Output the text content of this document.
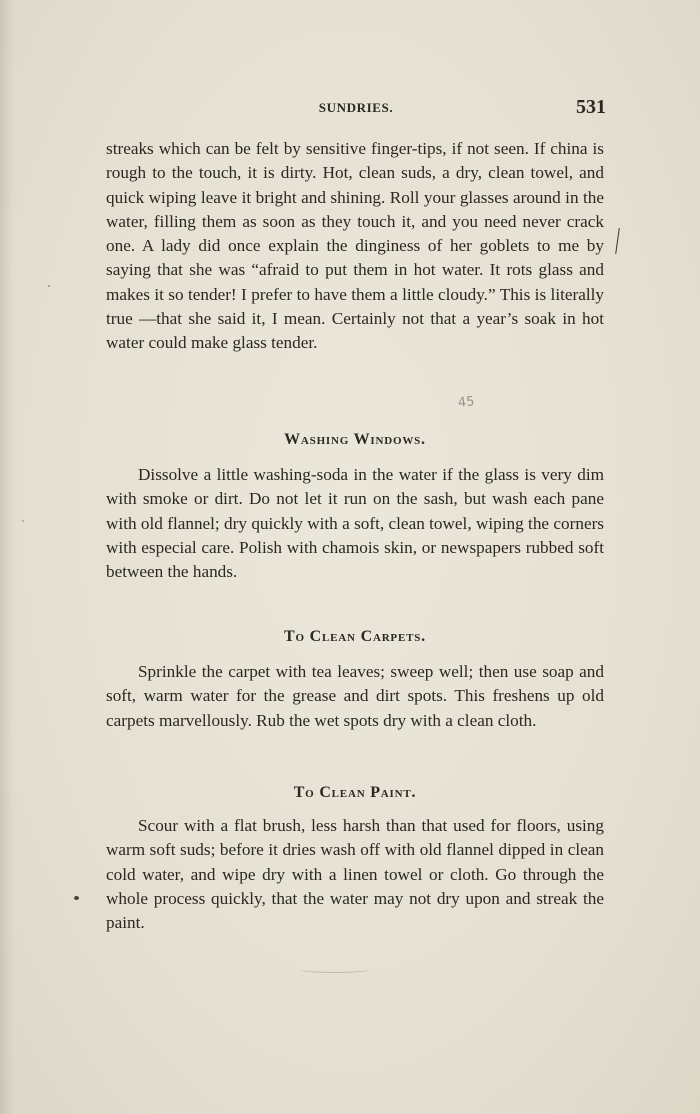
SUNDRIES.	531

streaks which can be felt by sensitive finger-tips, if not seen. If china is rough to the touch, it is dirty. Hot, clean suds, a dry, clean towel, and quick wiping leave it bright and shining. Roll your glasses around in the water, filling them as soon as they touch it, and you need never crack one. A lady did once explain the dinginess of her goblets to me by saying that she was “afraid to put them in hot water. It rots glass and makes it so tender! I prefer to have them a little cloudy.” This is literally true —that she said it, I mean. Certainly not that a year’s soak in hot water could make glass tender.

45
Washing Windows.

Dissolve a little washing-soda in the water if the glass is very dim with smoke or dirt. Do not let it run on the sash, but wash each pane with old flannel; dry quickly with a soft, clean towel, wiping the corners with especial care. Polish with chamois skin, or newspapers rubbed soft between the hands.

To Clean Carpets.

Sprinkle the carpet with tea leaves; sweep well; then use soap and soft, warm water for the grease and dirt spots. This freshens up old carpets marvellously. Rub the wet spots dry with a clean cloth.

To Clean Paint.

Scour with a flat brush, less harsh than that used for floors, using warm soft suds; before it dries wash off with old flannel dipped in clean cold water, and wipe dry with a linen towel or cloth. Go through the whole process quickly, that the water may not dry upon and streak the paint.
